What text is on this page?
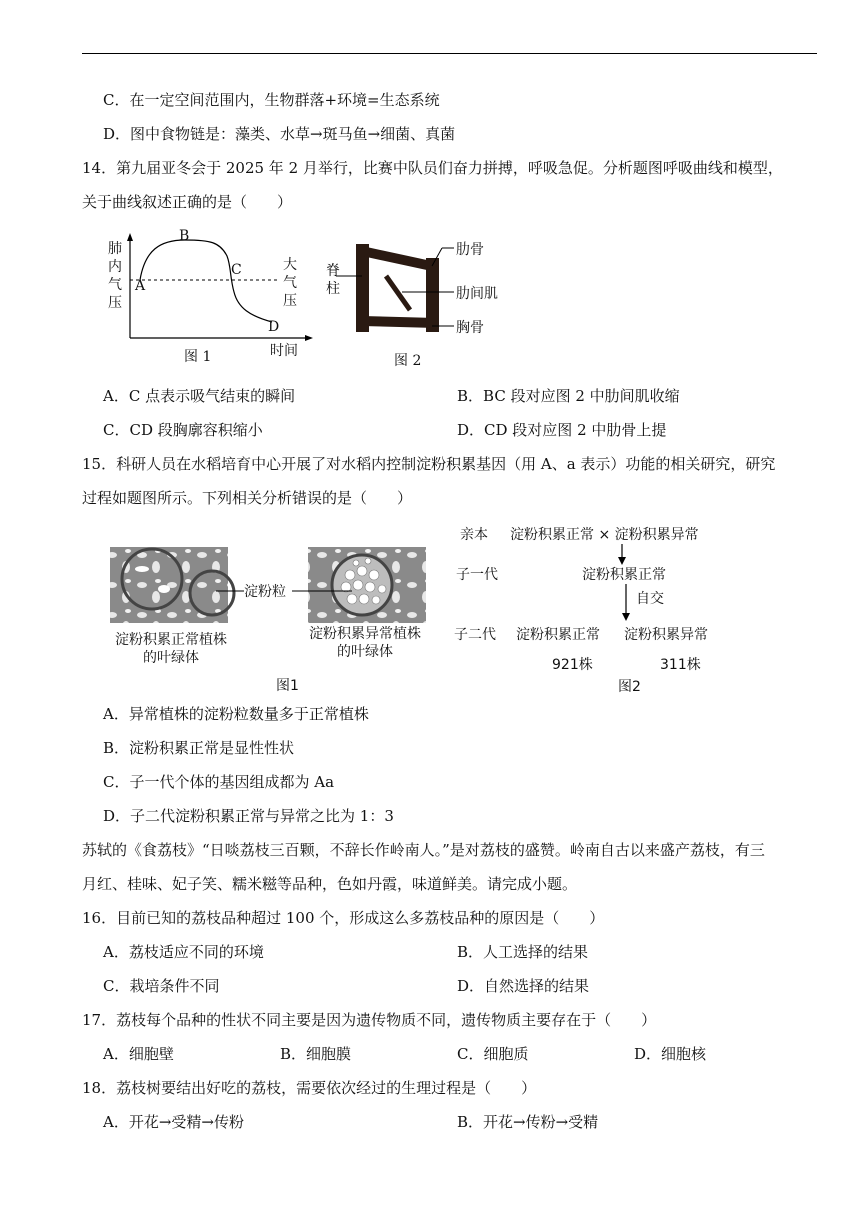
C．在一定空间范围内，生物群落+环境=生态系统
D．图中食物链是：藻类、水草→斑马鱼→细菌、真菌
14．第九届亚冬会于 2025 年 2 月举行，比赛中队员们奋力拼搏，呼吸急促。分析题图呼吸曲线和模型，
关于曲线叙述正确的是（　　）
肺
内
气
压
大
气
压
A
B
C
D
时间
图 1
脊
柱
肋骨
肋间肌
胸骨
图 2
A．C 点表示吸气结束的瞬间	B．BC 段对应图 2 中肋间肌收缩
C．CD 段胸廓容积缩小	D．CD 段对应图 2 中肋骨上提
15．科研人员在水稻培育中心开展了对水稻内控制淀粉积累基因（用 A、a 表示）功能的相关研究，研究
过程如题图所示。下列相关分析错误的是（　　）
淀粉粒
淀粉积累正常植株
的叶绿体
淀粉积累异常植株
的叶绿体
图1
亲本 淀粉积累正常 × 淀粉积累异常
子一代	淀粉积累正常
自交
子二代 淀粉积累正常 淀粉积累异常
921株	311株
图2
A．异常植株的淀粉粒数量多于正常植株
B．淀粉积累正常是显性性状
C．子一代个体的基因组成都为 Aa
D．子二代淀粉积累正常与异常之比为 1：3
苏轼的《食荔枝》“日啖荔枝三百颗，不辞长作岭南人。”是对荔枝的盛赞。岭南自古以来盛产荔枝，有三
月红、桂味、妃子笑、糯米糍等品种，色如丹霞，味道鲜美。请完成小题。
16．目前已知的荔枝品种超过 100 个，形成这么多荔枝品种的原因是（　　）
A．荔枝适应不同的环境	B．人工选择的结果
C．栽培条件不同	D．自然选择的结果
17．荔枝每个品种的性状不同主要是因为遗传物质不同，遗传物质主要存在于（　　）
A．细胞壁	B．细胞膜	C．细胞质	D．细胞核
18．荔枝树要结出好吃的荔枝，需要依次经过的生理过程是（　　）
A．开花→受精→传粉	B．开花→传粉→受精
